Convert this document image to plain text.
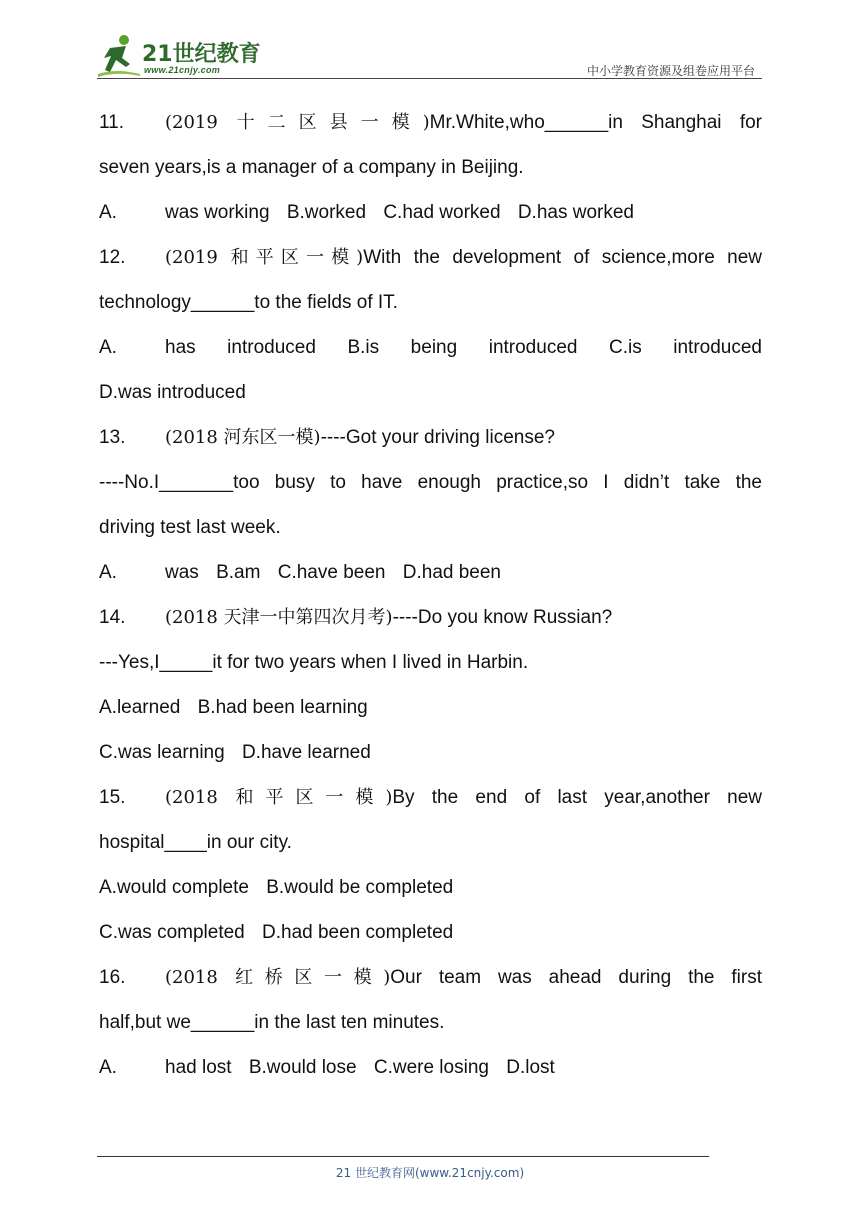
21世纪教育
www.21cnjy.com	中小学教育资源及组卷应用平台
11. (2019 十二区县一模)Mr.White,who______in Shanghai for
seven years,is a manager of a company in Beijing.
A.	was working B.worked C.had worked D.has worked
12. (2019 和平区一模)With the development of science,more new
technology______to the fields of IT.
A.	has introduced B.is being introduced C.is introduced
D.was introduced
13. (2018 河东区一模)----Got your driving license?
----No.I_______too busy to have enough practice,so I didn’t take the
driving test last week.
A.	was B.am C.have been D.had been
14. (2018 天津一中第四次月考)----Do you know Russian?
---Yes,I_____it for two years when I lived in Harbin.
A.learned B.had been learning
C.was learning D.have learned
15. (2018 和平区一模)By the end of last year,another new
hospital____in our city.
A.would complete B.would be completed
C.was completed D.had been completed
16. (2018 红桥区一模)Our team was ahead during the first
half,but we______in the last ten minutes.
A.	had lost B.would lose C.were losing D.lost
21 世纪教育网(www.21cnjy.com)
